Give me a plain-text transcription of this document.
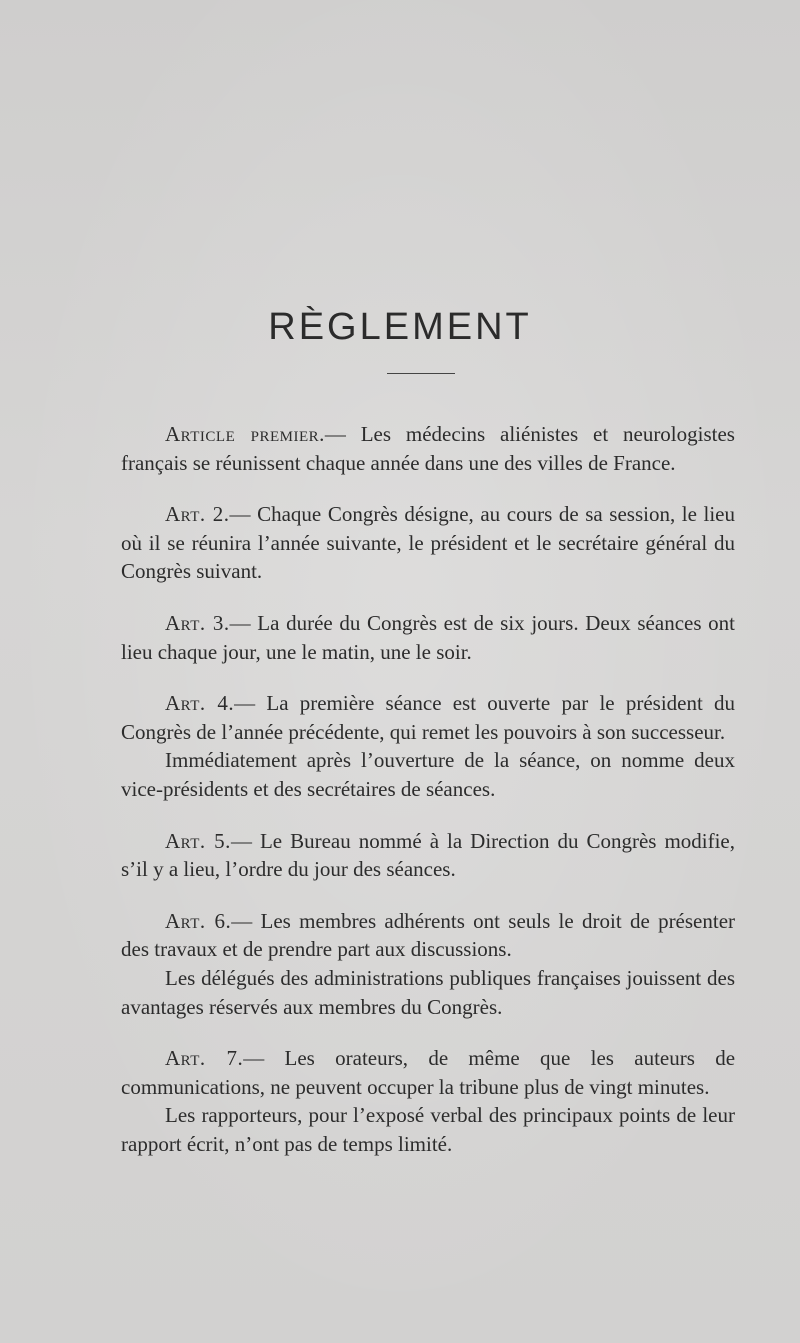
RÈGLEMENT

Article premier.— Les médecins aliénistes et neurologistes français se réunissent chaque année dans une des villes de France.

Art. 2.— Chaque Congrès désigne, au cours de sa session, le lieu où il se réunira l’année suivante, le président et le secrétaire général du Congrès suivant.

Art. 3.— La durée du Congrès est de six jours. Deux séances ont lieu chaque jour, une le matin, une le soir.

Art. 4.— La première séance est ouverte par le président du Congrès de l’année précédente, qui remet les pouvoirs à son successeur.

Immédiatement après l’ouverture de la séance, on nomme deux vice-présidents et des secrétaires de séances.

Art. 5.— Le Bureau nommé à la Direction du Congrès modifie, s’il y a lieu, l’ordre du jour des séances.

Art. 6.— Les membres adhérents ont seuls le droit de présenter des travaux et de prendre part aux discussions.

Les délégués des administrations publiques françaises jouissent des avantages réservés aux membres du Congrès.

Art. 7.— Les orateurs, de même que les auteurs de communications, ne peuvent occuper la tribune plus de vingt minutes.

Les rapporteurs, pour l’exposé verbal des principaux points de leur rapport écrit, n’ont pas de temps limité.
